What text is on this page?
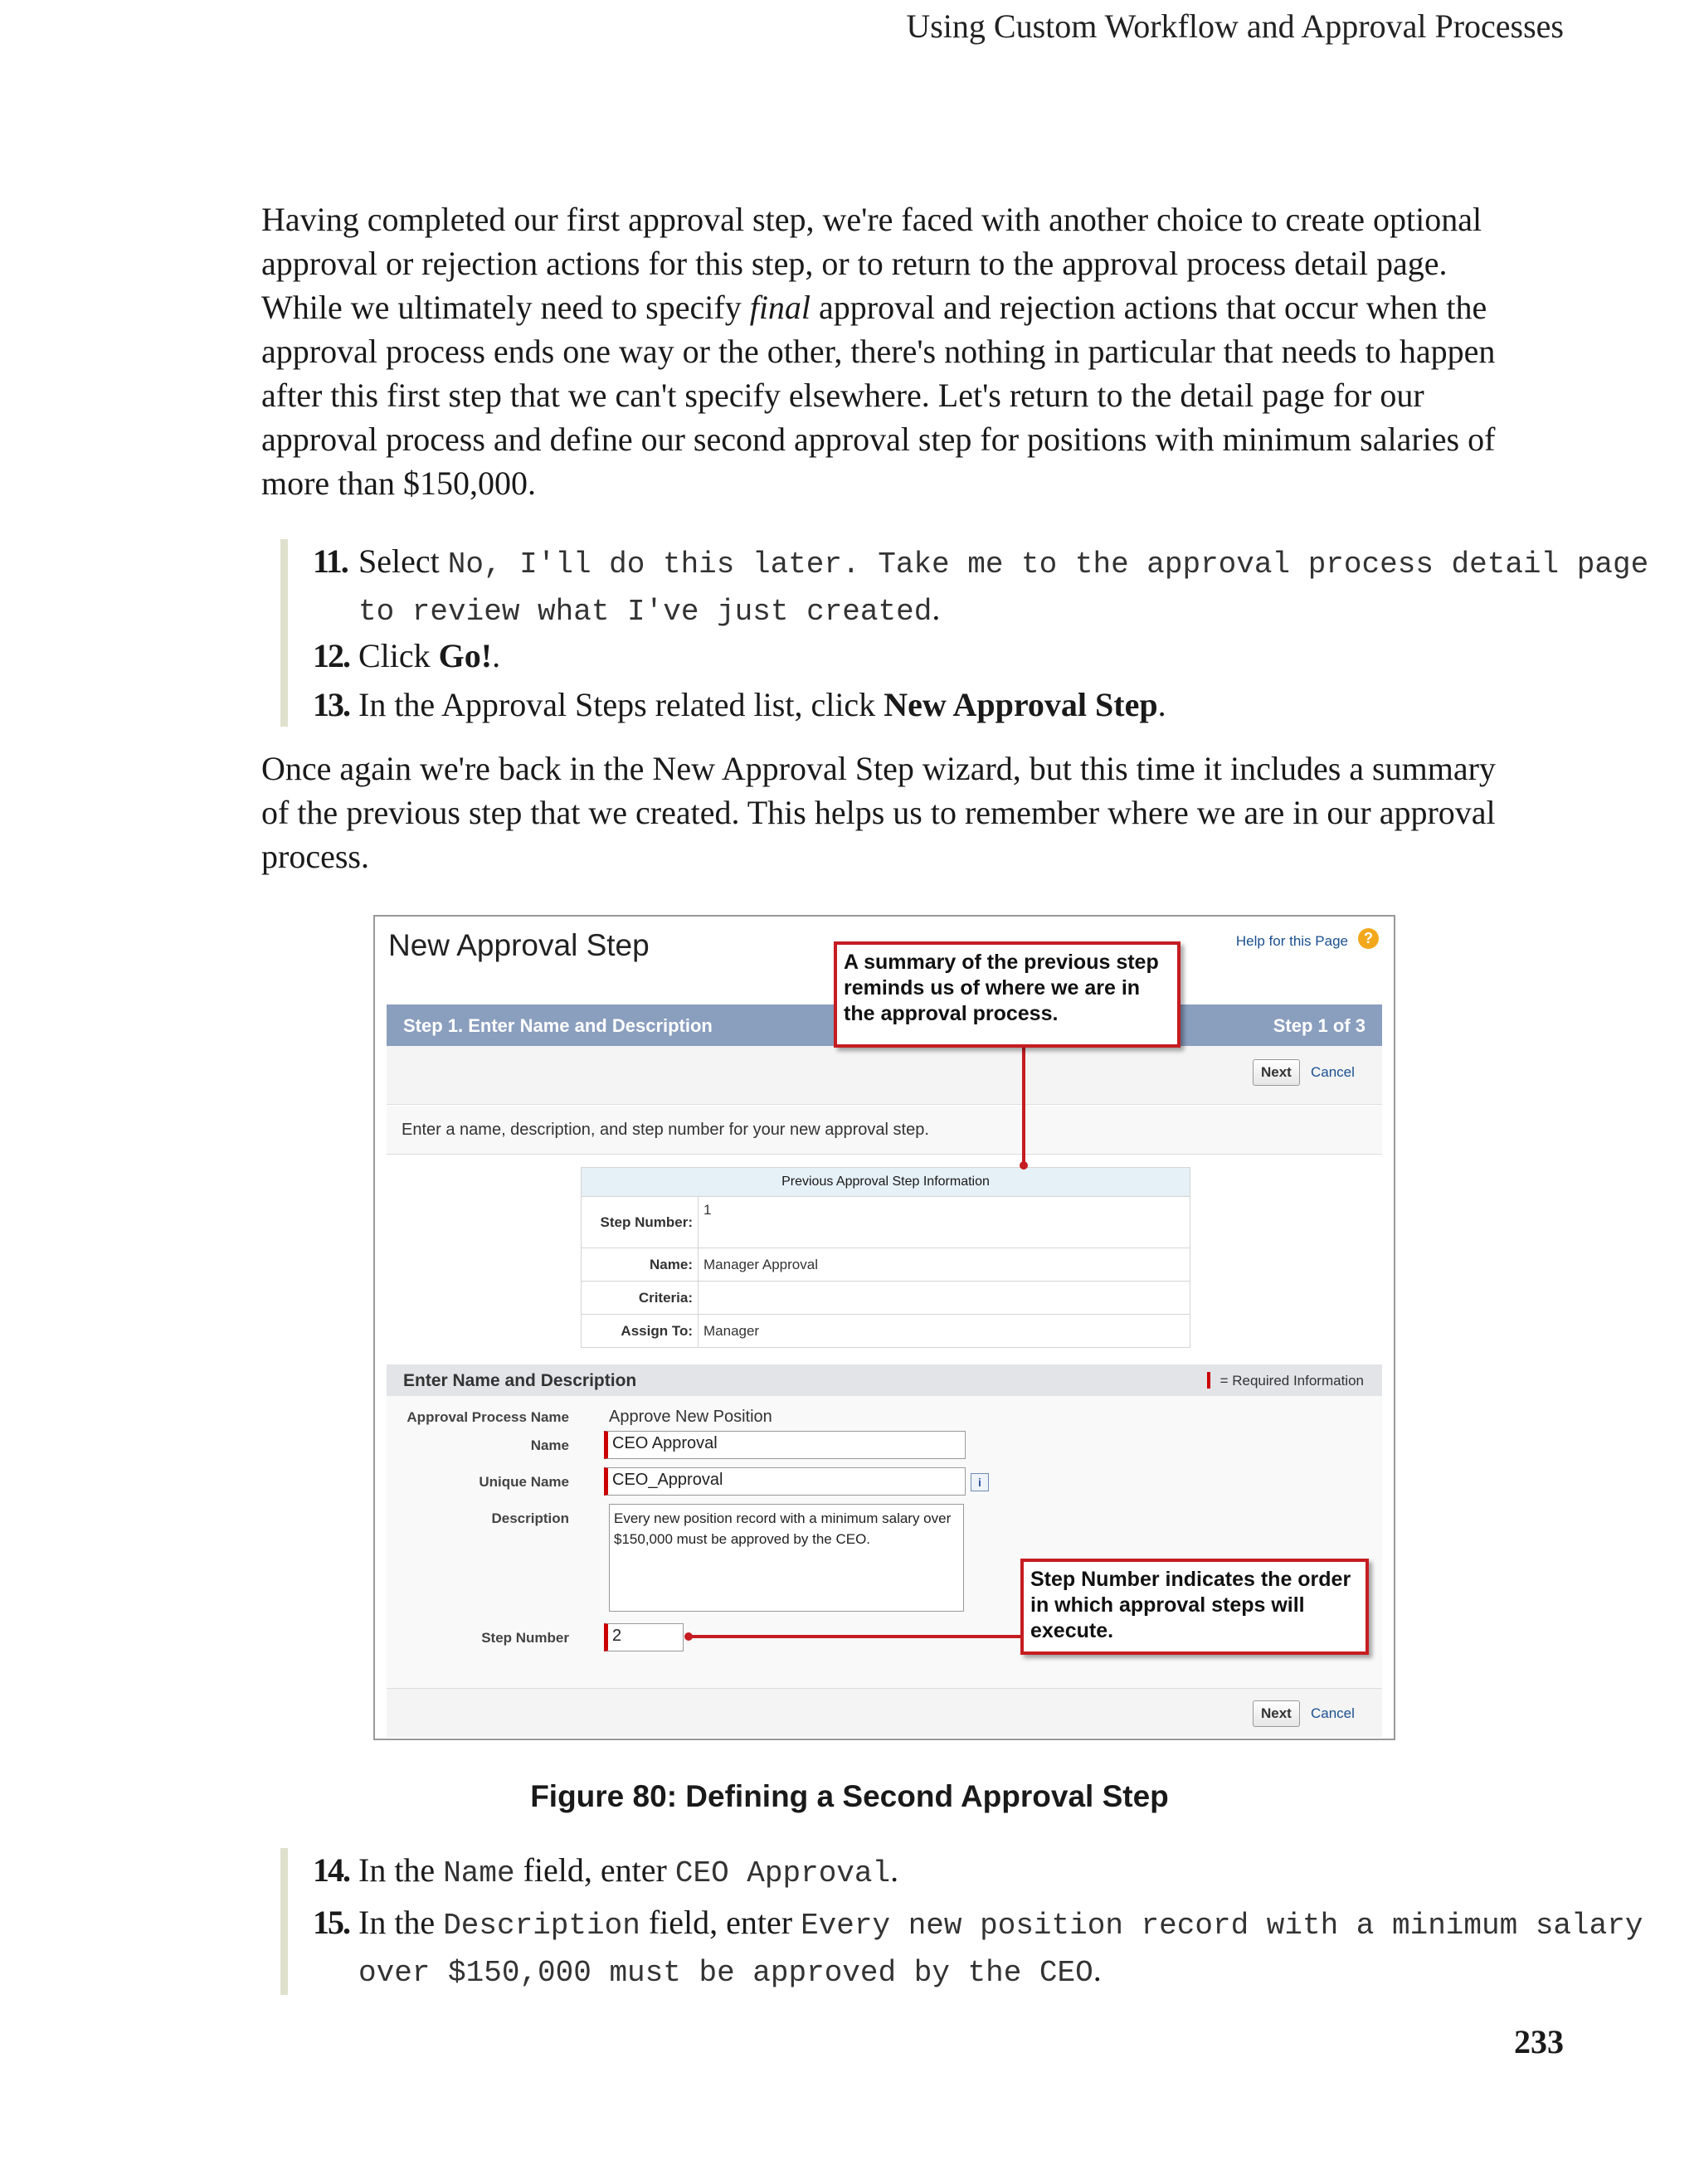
Using Custom Workflow and Approval Processes

Having completed our first approval step, we're faced with another choice to create optional approval or rejection actions for this step, or to return to the approval process detail page. While we ultimately need to specify final approval and rejection actions that occur when the approval process ends one way or the other, there's nothing in particular that needs to happen after this first step that we can't specify elsewhere. Let's return to the detail page for our approval process and define our second approval step for positions with minimum salaries of more than $150,000.

11. Select No, I'll do this later. Take me to the approval process detail page to review what I've just created.
12. Click Go!.
13. In the Approval Steps related list, click New Approval Step.

Once again we're back in the New Approval Step wizard, but this time it includes a summary of the previous step that we created. This helps us to remember where we are in our approval process.

New Approval Step	Help for this Page	?
Step 1. Enter Name and Description	Step 1 of 3
Next	Cancel
Enter a name, description, and step number for your new approval step.
Previous Approval Step Information	
Step Number:	1
Name:	Manager Approval
Criteria:	
Assign To:	Manager
Enter Name and Description	= Required Information
Approval Process Name Approve New Position
Name	CEO Approval
Unique Name	CEO_Approval	i
Description	Every new position record with a minimum salary over $150,000 must be approved by the CEO.
Step Number	2
Next	Cancel
A summary of the previous step reminds us of where we are in the approval process.
Step Number indicates the order in which approval steps will execute.
Figure 80: Defining a Second Approval Step
14. In the Name field, enter CEO Approval.
15. In the Description field, enter Every new position record with a minimum salary over $150,000 must be approved by the CEO.
233
